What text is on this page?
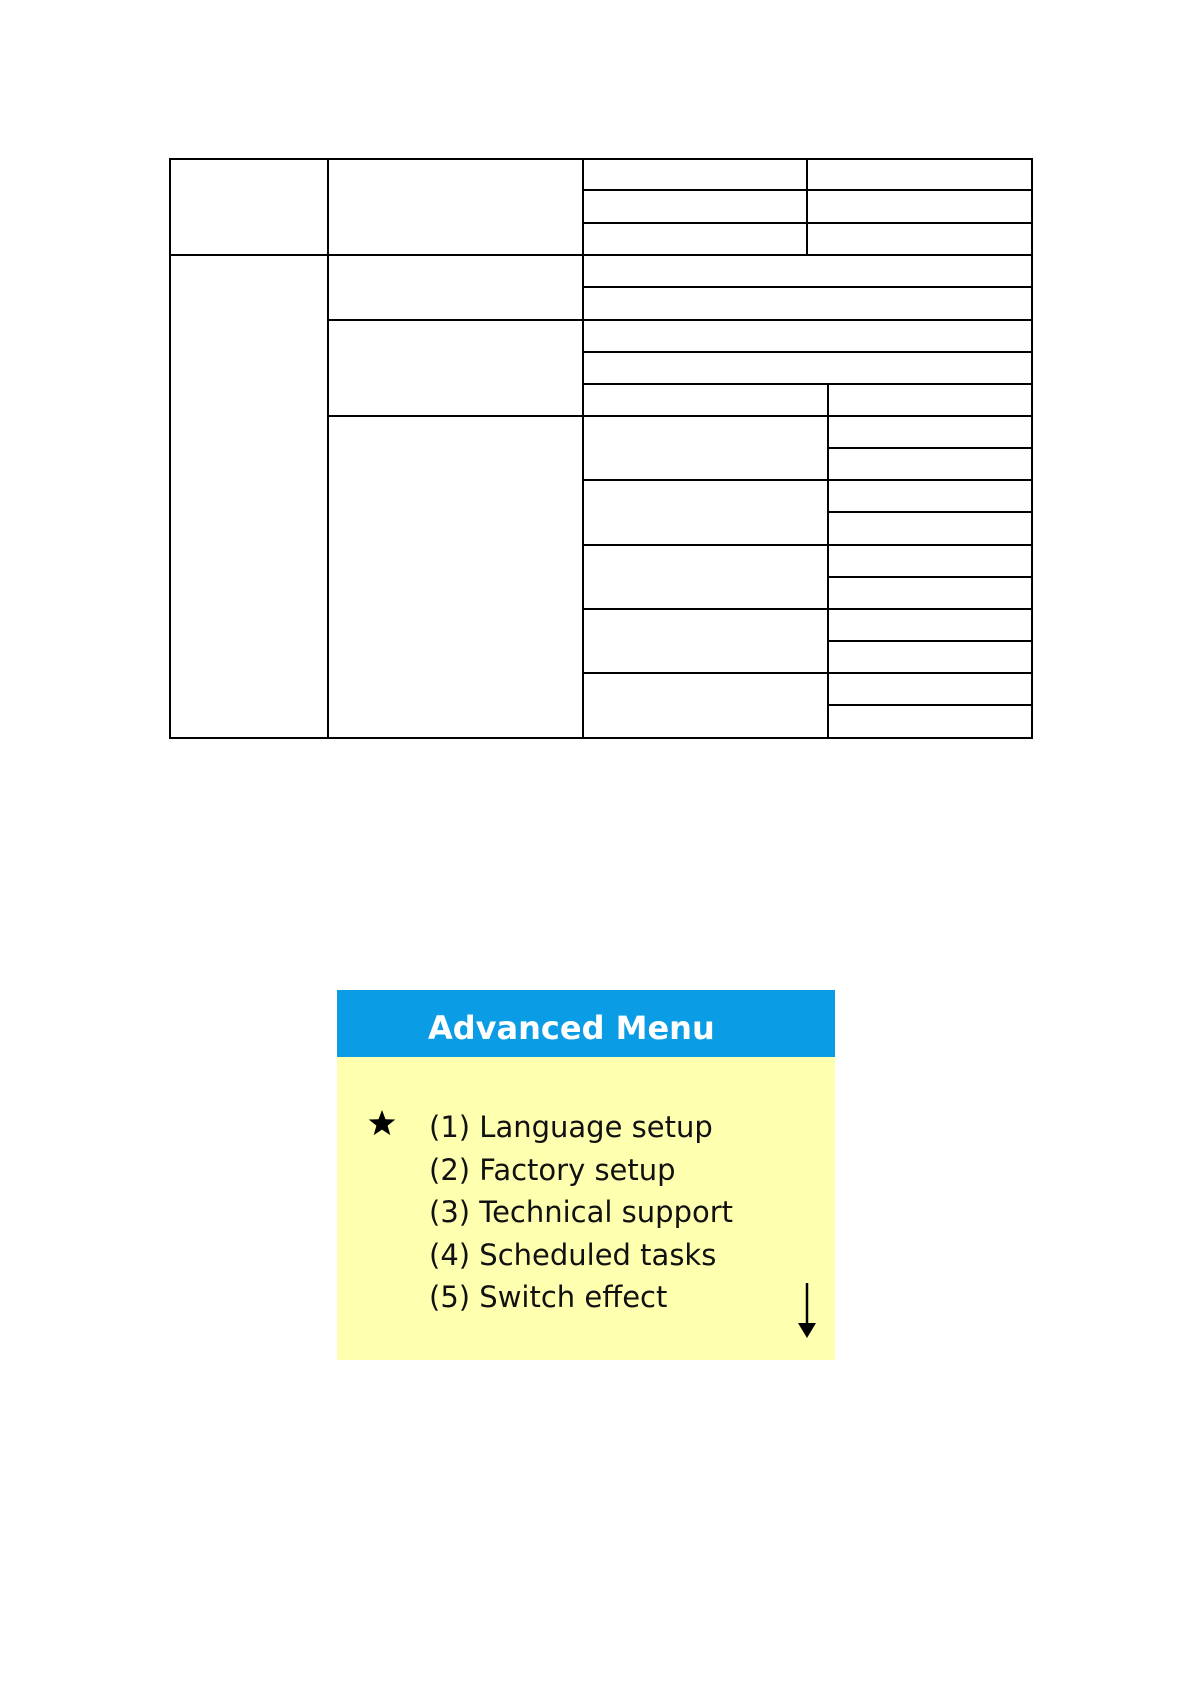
Advanced Menu
(1) Language setup
(2) Factory setup
(3) Technical support
(4) Scheduled tasks
(5) Switch effect
